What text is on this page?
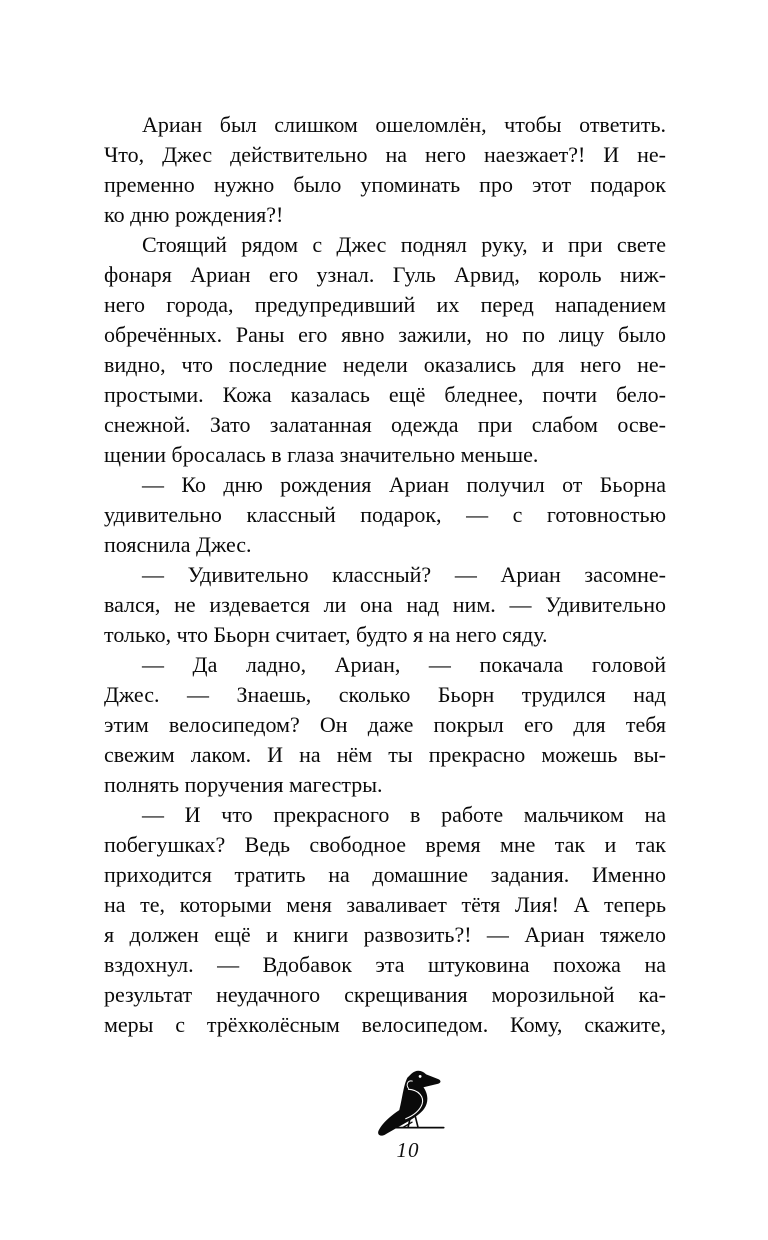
Ариан был слишком ошеломлён, чтобы ответить.
Что, Джес действительно на него наезжает?! И не-
пременно нужно было упоминать про этот подарок
ко дню рождения?!

Стоящий рядом с Джес поднял руку, и при свете
фонаря Ариан его узнал. Гуль Арвид, король ниж-
него города, предупредивший их перед нападением
обречённых. Раны его явно зажили, но по лицу было
видно, что последние недели оказались для него не-
простыми. Кожа казалась ещё бледнее, почти бело-
снежной. Зато залатанная одежда при слабом осве-
щении бросалась в глаза значительно меньше.

— Ко дню рождения Ариан получил от Бьорна
удивительно классный подарок, — с готовностью
пояснила Джес.

— Удивительно классный? — Ариан засомне-
вался, не издевается ли она над ним. — Удивительно
только, что Бьорн считает, будто я на него сяду.

— Да ладно, Ариан, — покачала головой
Джес. — Знаешь, сколько Бьорн трудился над
этим велосипедом? Он даже покрыл его для тебя
свежим лаком. И на нём ты прекрасно можешь вы-
полнять поручения магестры.

— И что прекрасного в работе мальчиком на
побегушках? Ведь свободное время мне так и так
приходится тратить на домашние задания. Именно
на те, которыми меня заваливает тётя Лия! А теперь
я должен ещё и книги развозить?! — Ариан тяжело
вздохнул. — Вдобавок эта штуковина похожа на
результат неудачного скрещивания морозильной ка-
меры с трёхколёсным велосипедом. Кому, скажите,

10
